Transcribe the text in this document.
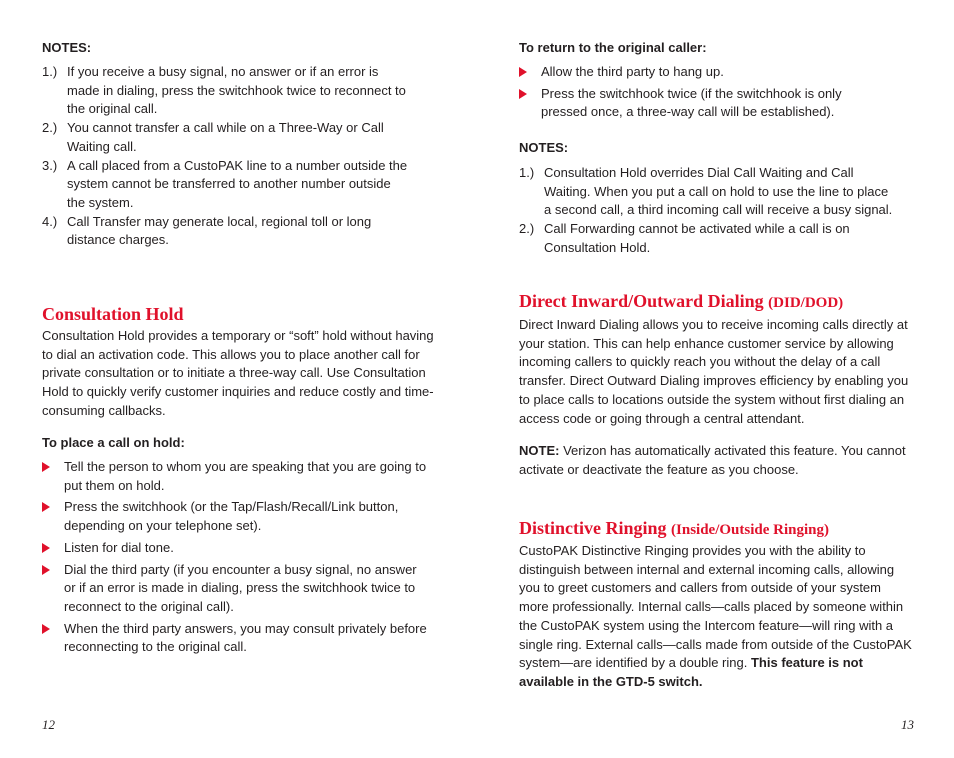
NOTES:
1.) If you receive a busy signal, no answer or if an error is made in dialing, press the switchhook twice to reconnect to the original call.
2.) You cannot transfer a call while on a Three-Way or Call Waiting call.
3.) A call placed from a CustoPAK line to a number outside the system cannot be transferred to another number outside the system.
4.) Call Transfer may generate local, regional toll or long distance charges.
Consultation Hold
Consultation Hold provides a temporary or “soft” hold without having to dial an activation code. This allows you to place another call for private consultation or to initiate a three-way call. Use Consultation Hold to quickly verify customer inquiries and reduce costly and time-consuming callbacks.
To place a call on hold:
Tell the person to whom you are speaking that you are going to put them on hold.
Press the switchhook (or the Tap/Flash/Recall/Link button, depending on your telephone set).
Listen for dial tone.
Dial the third party (if you encounter a busy signal, no answer or if an error is made in dialing, press the switchhook twice to reconnect to the original call).
When the third party answers, you may consult privately before reconnecting to the original call.
12
To return to the original caller:
Allow the third party to hang up.
Press the switchhook twice (if the switchhook is only pressed once, a three-way call will be established).
NOTES:
1.) Consultation Hold overrides Dial Call Waiting and Call Waiting. When you put a call on hold to use the line to place a second call, a third incoming call will receive a busy signal.
2.) Call Forwarding cannot be activated while a call is on Consultation Hold.
Direct Inward/Outward Dialing (DID/DOD)
Direct Inward Dialing allows you to receive incoming calls directly at your station. This can help enhance customer service by allowing incoming callers to quickly reach you without the delay of a call transfer. Direct Outward Dialing improves efficiency by enabling you to place calls to locations outside the system without first dialing an access code or going through a central attendant.
NOTE: Verizon has automatically activated this feature. You cannot activate or deactivate the feature as you choose.
Distinctive Ringing (Inside/Outside Ringing)
CustoPAK Distinctive Ringing provides you with the ability to distinguish between internal and external incoming calls, allowing you to greet customers and callers from outside of your system more professionally. Internal calls—calls placed by someone within the CustoPAK system using the Intercom feature—will ring with a single ring. External calls—calls made from outside of the CustoPAK system—are identified by a double ring. This feature is not available in the GTD-5 switch.
13
